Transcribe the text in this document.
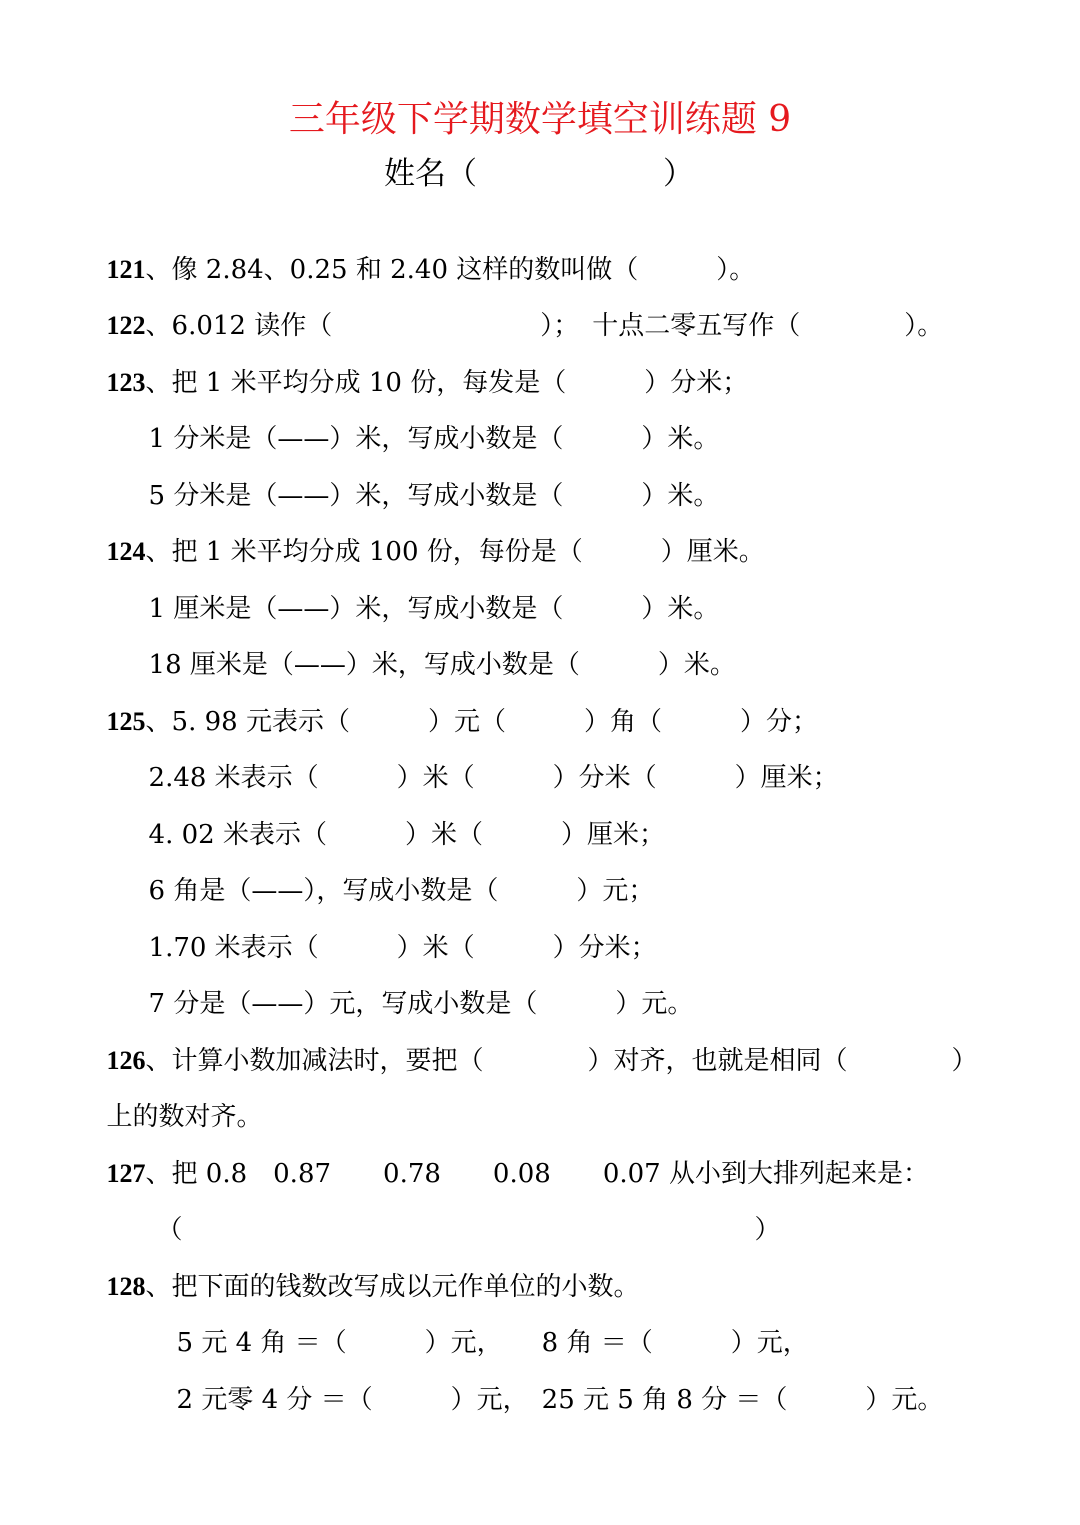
三年级下学期数学填空训练题 9
姓名（　　　　　　）

121、像 2.84、0.25 和 2.40 这样的数叫做（　　　）。

122、6.012 读作（　　　　　　　　）；　十点二零五写作（　　　　）。

123、把 1 米平均分成 10 份，每发是（　　　）分米；

1 分米是（——）米，写成小数是（　　　）米。

5 分米是（——）米，写成小数是（　　　）米。

124、把 1 米平均分成 100 份，每份是（　　　）厘米。

1 厘米是（——）米，写成小数是（　　　）米。

18 厘米是（——）米，写成小数是（　　　）米。

125、5. 98 元表示（　　　）元（　　　）角（　　　）分；

2.48 米表示（　　　）米（　　　）分米（　　　）厘米；

4. 02 米表示（　　　）米（　　　）厘米；

6 角是（——），写成小数是（　　　）元；

1.70 米表示（　　　）米（　　　）分米；

7 分是（——）元，写成小数是（　　　）元。

126、计算小数加减法时，要把（　　　　）对齐，也就是相同（　　　　）

上的数对齐。

127、把 0.8　0.87　　0.78　　0.08　　0.07 从小到大排列起来是：

（　　　　　　　　　　　　　　　　　　　　　　）

128、把下面的钱数改写成以元作单位的小数。

5 元 4 角 ＝（　　　）元，　　8 角 ＝（　　　）元，

2 元零 4 分 ＝（　　　）元，　25 元 5 角 8 分 ＝（　　　）元。
